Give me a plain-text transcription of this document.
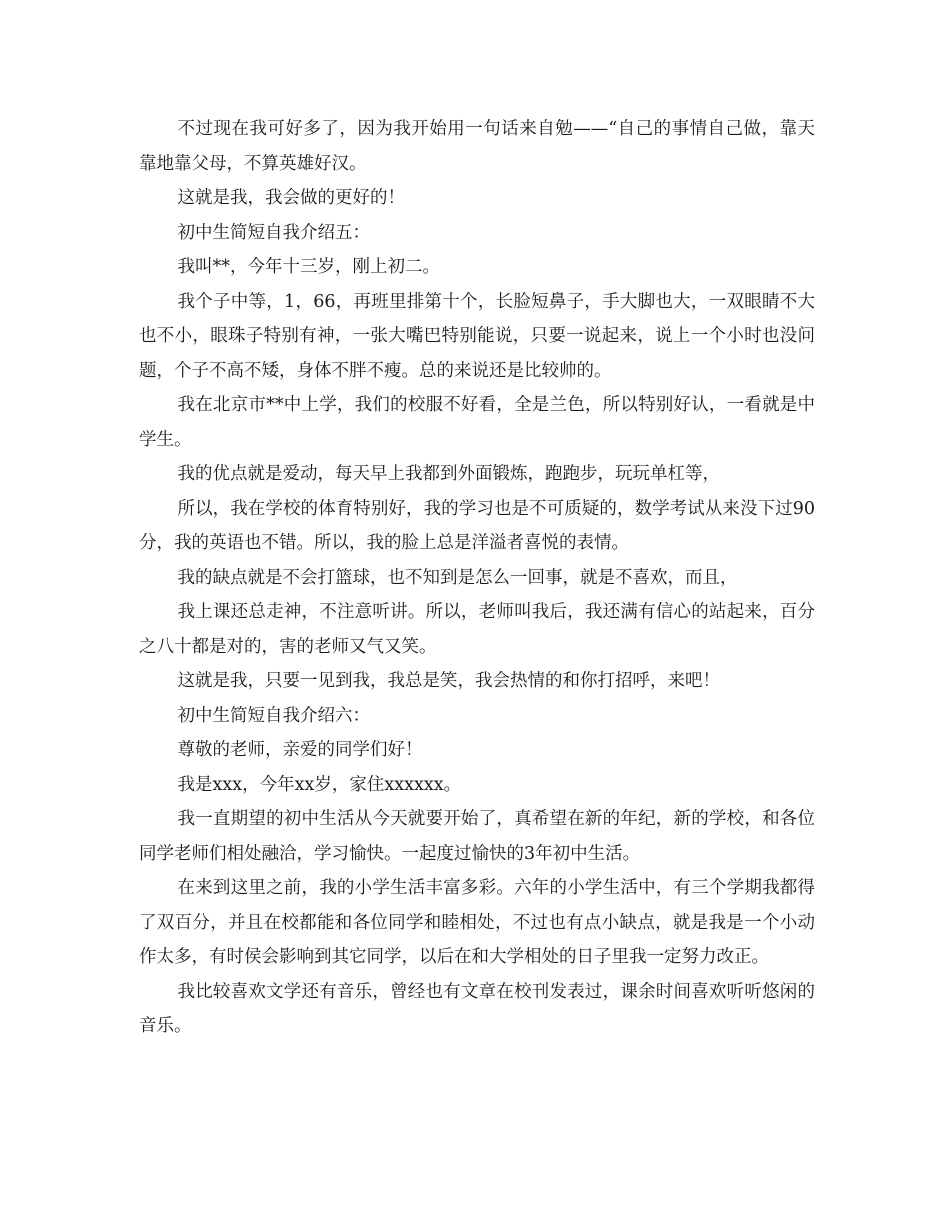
不过现在我可好多了，因为我开始用一句话来自勉——“自己的事情自己做，靠天靠地靠父母，不算英雄好汉。

这就是我，我会做的更好的！

初中生简短自我介绍五：

我叫**，今年十三岁，刚上初二。

我个子中等，1，66，再班里排第十个，长脸短鼻子，手大脚也大，一双眼睛不大也不小，眼珠子特别有神，一张大嘴巴特别能说，只要一说起来，说上一个小时也没问题，个子不高不矮，身体不胖不瘦。总的来说还是比较帅的。

我在北京市**中上学，我们的校服不好看，全是兰色，所以特别好认，一看就是中学生。

我的优点就是爱动，每天早上我都到外面锻炼，跑跑步，玩玩单杠等，

所以，我在学校的体育特别好，我的学习也是不可质疑的，数学考试从来没下过90分，我的英语也不错。所以，我的脸上总是洋溢者喜悦的表情。

我的缺点就是不会打篮球，也不知到是怎么一回事，就是不喜欢，而且，

我上课还总走神，不注意听讲。所以，老师叫我后，我还满有信心的站起来，百分之八十都是对的，害的老师又气又笑。

这就是我，只要一见到我，我总是笑，我会热情的和你打招呼，来吧！

初中生简短自我介绍六：

尊敬的老师，亲爱的同学们好！

我是xxx，今年xx岁，家住xxxxxx。

我一直期望的初中生活从今天就要开始了，真希望在新的年纪，新的学校，和各位同学老师们相处融洽，学习愉快。一起度过愉快的3年初中生活。

在来到这里之前，我的小学生活丰富多彩。六年的小学生活中，有三个学期我都得了双百分，并且在校都能和各位同学和睦相处，不过也有点小缺点，就是我是一个小动作太多，有时侯会影响到其它同学，以后在和大学相处的日子里我一定努力改正。

我比较喜欢文学还有音乐，曾经也有文章在校刊发表过，课余时间喜欢听听悠闲的音乐。
